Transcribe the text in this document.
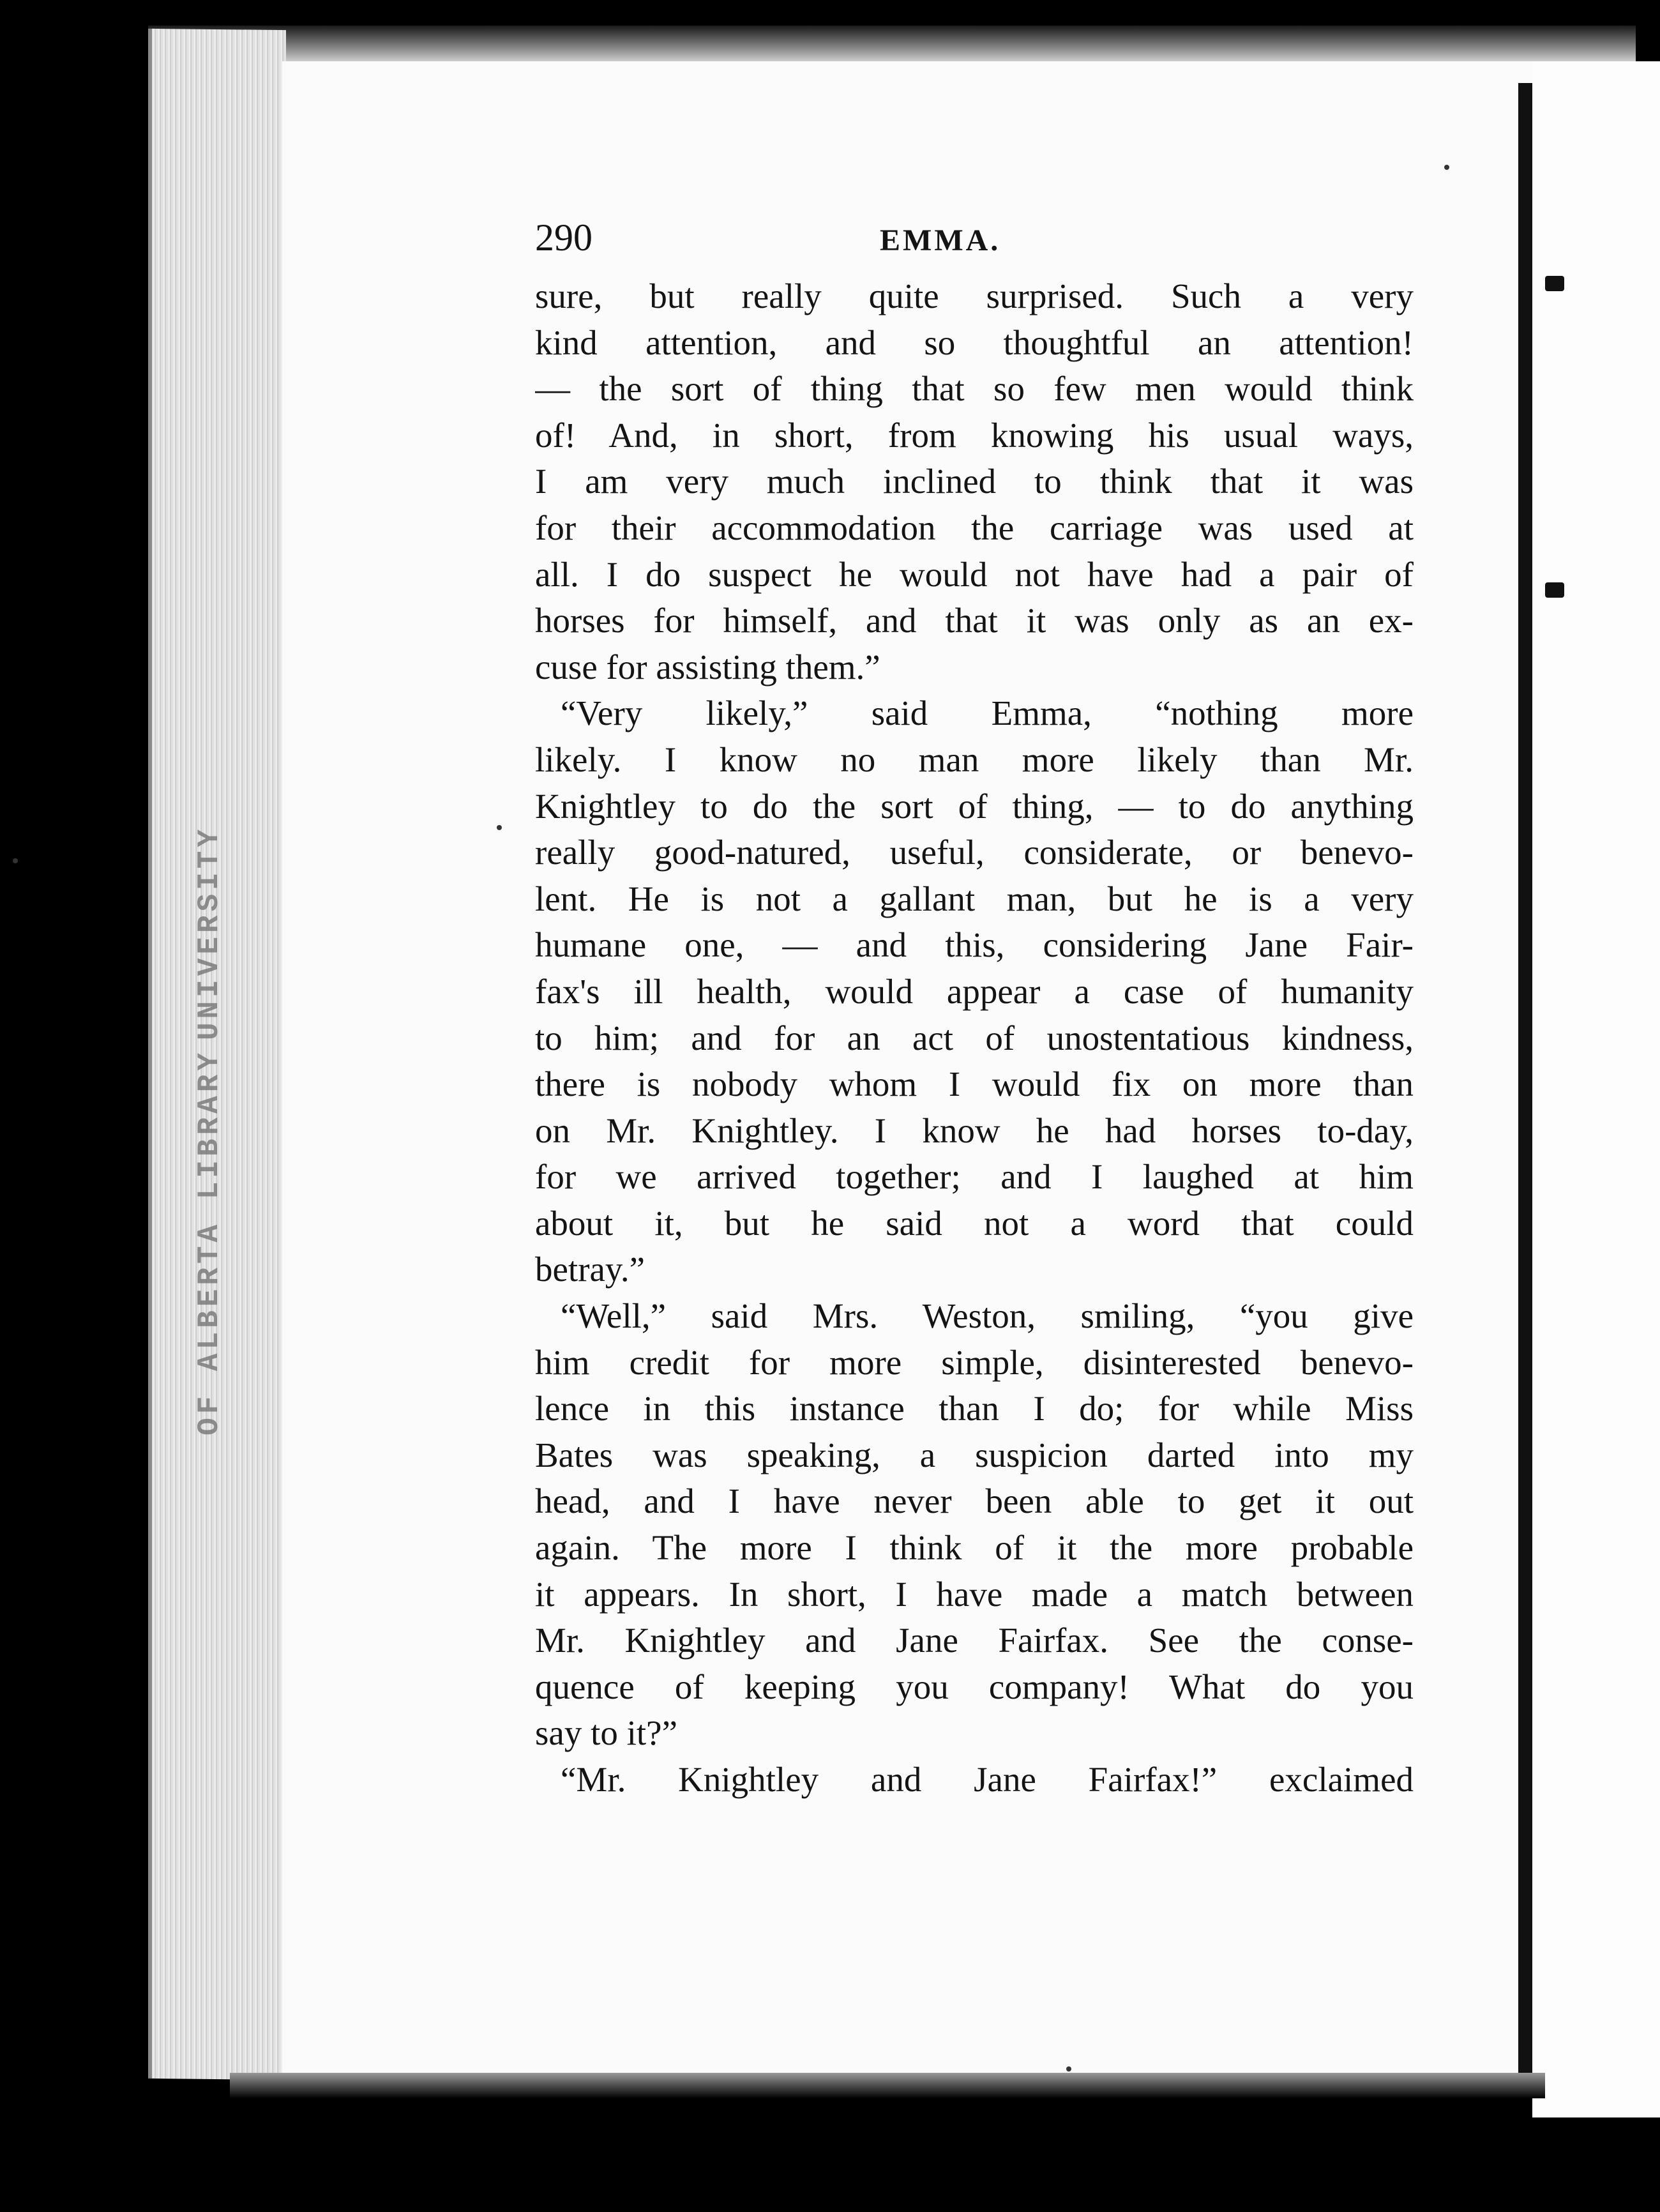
UNIVERSITY
OF ALBERTA LIBRARY
290	EMMA.
sure, but really quite surprised. Such a very
kind attention, and so thoughtful an attention!
— the sort of thing that so few men would think
of! And, in short, from knowing his usual ways,
I am very much inclined to think that it was
for their accommodation the carriage was used at
all. I do suspect he would not have had a pair of
horses for himself, and that it was only as an ex-
cuse for assisting them.”
“Very likely,” said Emma, “nothing more
likely. I know no man more likely than Mr.
Knightley to do the sort of thing, — to do anything
really good-natured, useful, considerate, or benevo-
lent. He is not a gallant man, but he is a very
humane one, — and this, considering Jane Fair-
fax's ill health, would appear a case of humanity
to him; and for an act of unostentatious kindness,
there is nobody whom I would fix on more than
on Mr. Knightley. I know he had horses to-day,
for we arrived together; and I laughed at him
about it, but he said not a word that could
betray.”
“Well,” said Mrs. Weston, smiling, “you give
him credit for more simple, disinterested benevo-
lence in this instance than I do; for while Miss
Bates was speaking, a suspicion darted into my
head, and I have never been able to get it out
again. The more I think of it the more probable
it appears. In short, I have made a match between
Mr. Knightley and Jane Fairfax. See the conse-
quence of keeping you company! What do you
say to it?”
“Mr. Knightley and Jane Fairfax!” exclaimed
